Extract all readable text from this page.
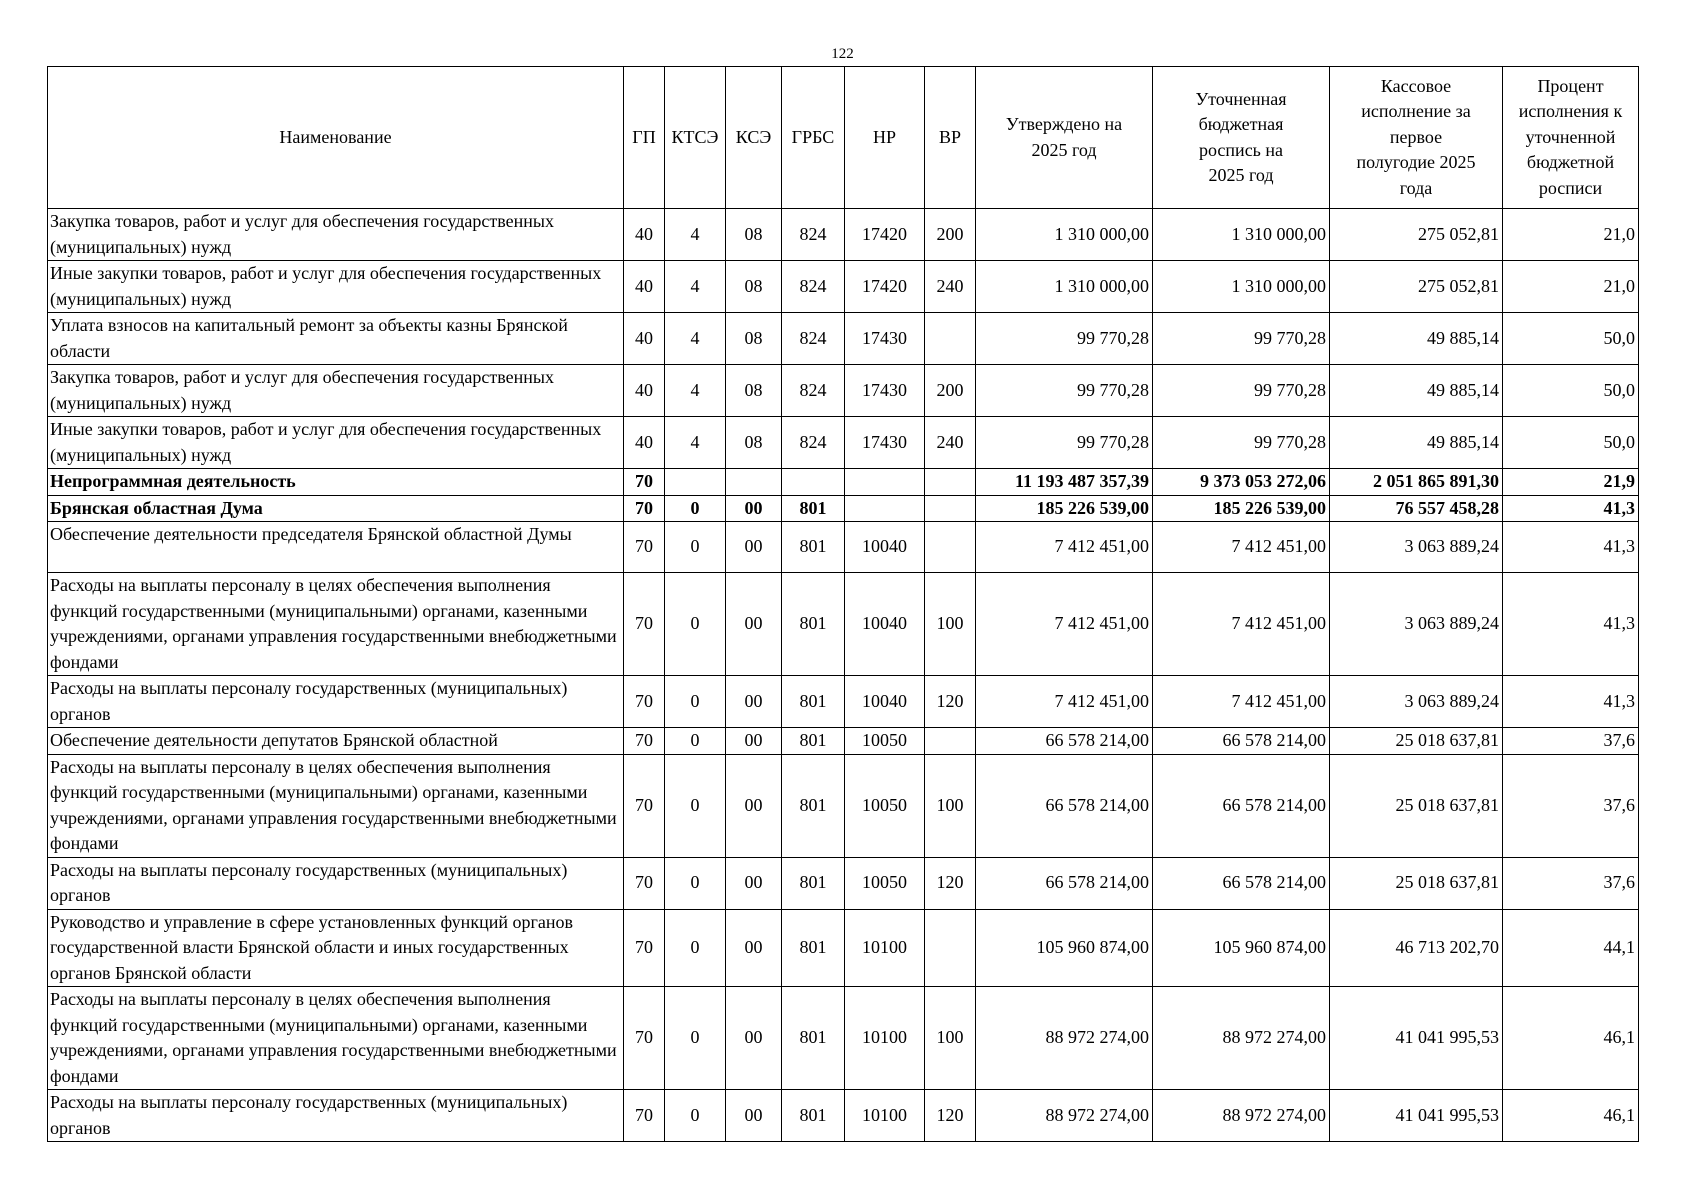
122
Наименование	ГП	КТСЭ	КСЭ	ГРБС	НР	ВР	Утверждено на 2025 год	Уточненная бюджетная роспись на 2025 год	Кассовое исполнение за первое полугодие 2025 года	Процент исполнения к уточненной бюджетной росписи
Закупка товаров, работ и услуг для обеспечения государственных (муниципальных) нужд	40	4	08	824	17420	200	1 310 000,00	1 310 000,00	275 052,81	21,0
Иные закупки товаров, работ и услуг для обеспечения государственных (муниципальных) нужд	40	4	08	824	17420	240	1 310 000,00	1 310 000,00	275 052,81	21,0
Уплата взносов на капитальный ремонт за объекты казны Брянской области	40	4	08	824	17430		99 770,28	99 770,28	49 885,14	50,0
Закупка товаров, работ и услуг для обеспечения государственных (муниципальных) нужд	40	4	08	824	17430	200	99 770,28	99 770,28	49 885,14	50,0
Иные закупки товаров, работ и услуг для обеспечения государственных (муниципальных) нужд	40	4	08	824	17430	240	99 770,28	99 770,28	49 885,14	50,0
Непрограммная деятельность	70						11 193 487 357,39	9 373 053 272,06	2 051 865 891,30	21,9
Брянская областная Дума	70	0	00	801			185 226 539,00	185 226 539,00	76 557 458,28	41,3
Обеспечение деятельности председателя Брянской областной Думы	70	0	00	801	10040		7 412 451,00	7 412 451,00	3 063 889,24	41,3
Расходы на выплаты персоналу в целях обеспечения выполнения функций государственными (муниципальными) органами, казенными учреждениями, органами управления государственными внебюджетными фондами	70	0	00	801	10040	100	7 412 451,00	7 412 451,00	3 063 889,24	41,3
Расходы на выплаты персоналу государственных (муниципальных) органов	70	0	00	801	10040	120	7 412 451,00	7 412 451,00	3 063 889,24	41,3
Обеспечение деятельности депутатов Брянской областной	70	0	00	801	10050		66 578 214,00	66 578 214,00	25 018 637,81	37,6
Расходы на выплаты персоналу в целях обеспечения выполнения функций государственными (муниципальными) органами, казенными учреждениями, органами управления государственными внебюджетными фондами	70	0	00	801	10050	100	66 578 214,00	66 578 214,00	25 018 637,81	37,6
Расходы на выплаты персоналу государственных (муниципальных) органов	70	0	00	801	10050	120	66 578 214,00	66 578 214,00	25 018 637,81	37,6
Руководство и управление в сфере установленных функций органов государственной власти Брянской области и иных государственных органов Брянской области	70	0	00	801	10100		105 960 874,00	105 960 874,00	46 713 202,70	44,1
Расходы на выплаты персоналу в целях обеспечения выполнения функций государственными (муниципальными) органами, казенными учреждениями, органами управления государственными внебюджетными фондами	70	0	00	801	10100	100	88 972 274,00	88 972 274,00	41 041 995,53	46,1
Расходы на выплаты персоналу государственных (муниципальных) органов	70	0	00	801	10100	120	88 972 274,00	88 972 274,00	41 041 995,53	46,1
